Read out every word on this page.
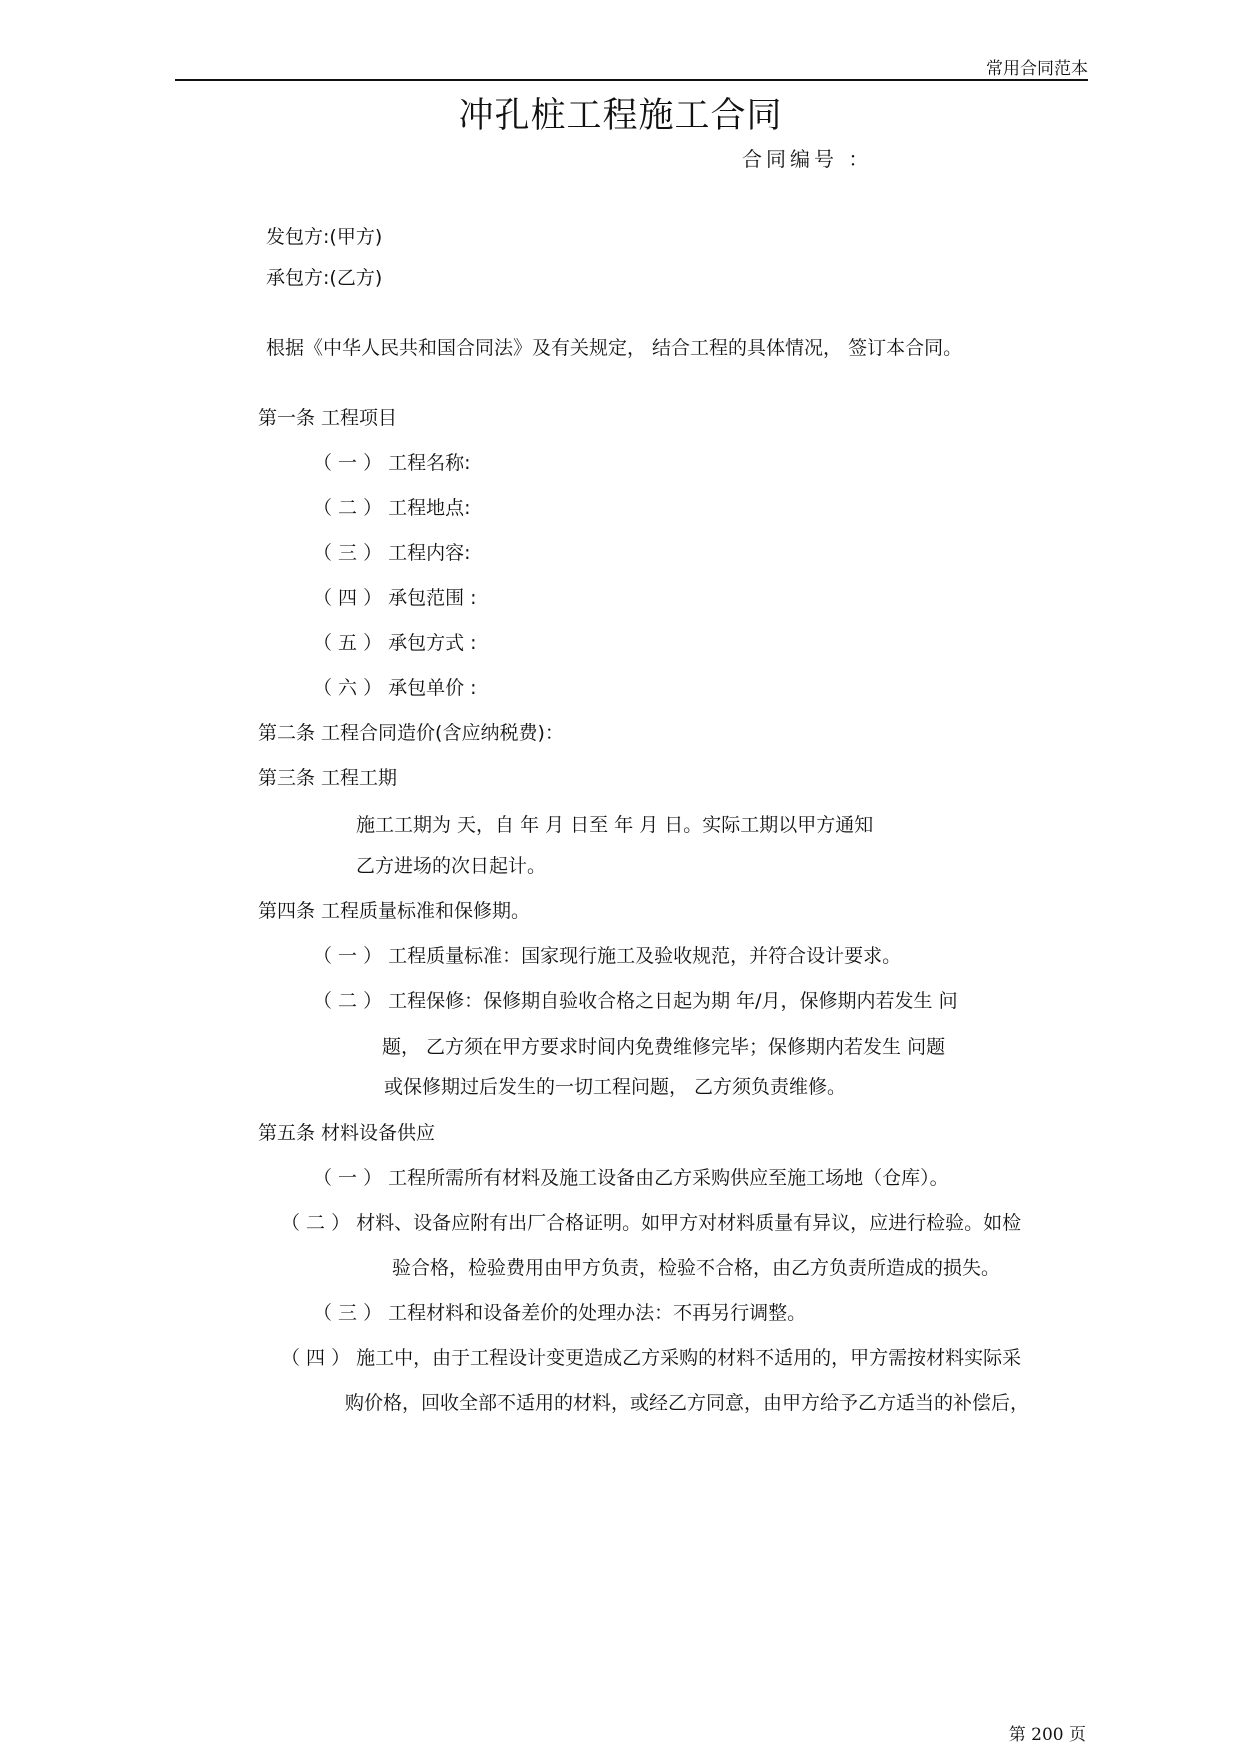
常用合同范本
冲孔桩工程施工合同
合同编号 ：
发包方:(甲方)
承包方:(乙方)
根据《中华人民共和国合同法》及有关规定， 结合工程的具体情况， 签订本合同。
第一条 工程项目
（ 一 ） 工程名称:
（ 二 ） 工程地点:
（ 三 ） 工程内容:
（ 四 ） 承包范围 :
（ 五 ） 承包方式 :
（ 六 ） 承包单价 :
第二条 工程合同造价(含应纳税费)：
第三条 工程工期
施工工期为 天，自 年 月 日至 年 月 日。实际工期以甲方通知
乙方进场的次日起计。
第四条 工程质量标准和保修期。
（ 一 ） 工程质量标准：国家现行施工及验收规范，并符合设计要求。
（ 二 ） 工程保修：保修期自验收合格之日起为期 年/月，保修期内若发生 问
题， 乙方须在甲方要求时间内免费维修完毕；保修期内若发生 问题
或保修期过后发生的一切工程问题， 乙方须负责维修。
第五条 材料设备供应
（ 一 ） 工程所需所有材料及施工设备由乙方采购供应至施工场地（仓库）。
（ 二 ） 材料、设备应附有出厂合格证明。如甲方对材料质量有异议，应进行检验。如检
验合格，检验费用由甲方负责，检验不合格，由乙方负责所造成的损失。
（ 三 ） 工程材料和设备差价的处理办法：不再另行调整。
（ 四 ） 施工中，由于工程设计变更造成乙方采购的材料不适用的，甲方需按材料实际采
购价格，回收全部不适用的材料，或经乙方同意，由甲方给予乙方适当的补偿后，
第 200 页
